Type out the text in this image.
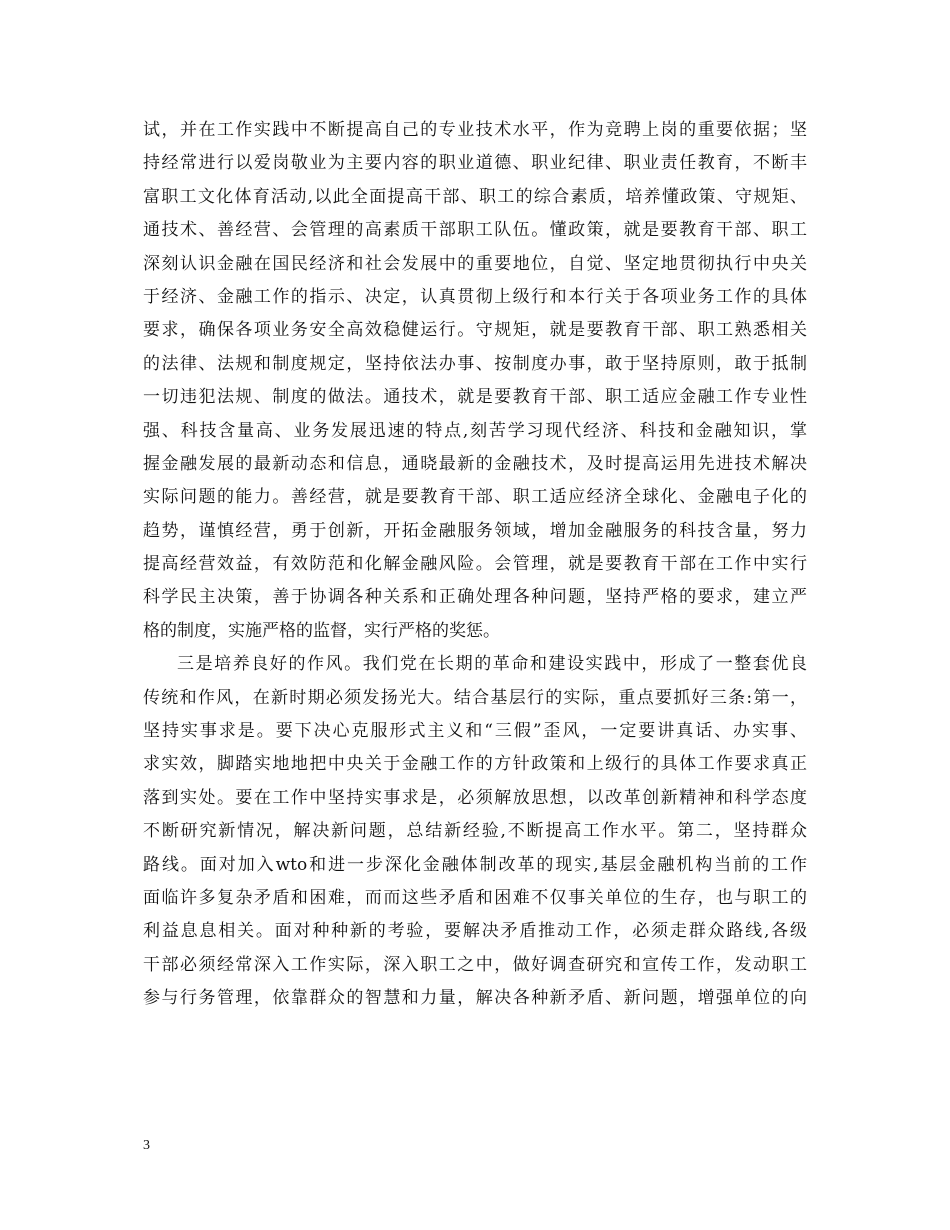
试，并在工作实践中不断提高自己的专业技术水平，作为竞聘上岗的重要依据；坚
持经常进行以爱岗敬业为主要内容的职业道德、职业纪律、职业责任教育，不断丰
富职工文化体育活动,以此全面提高干部、职工的综合素质，培养懂政策、守规矩、
通技术、善经营、会管理的高素质干部职工队伍。懂政策，就是要教育干部、职工
深刻认识金融在国民经济和社会发展中的重要地位，自觉、坚定地贯彻执行中央关
于经济、金融工作的指示、决定，认真贯彻上级行和本行关于各项业务工作的具体
要求，确保各项业务安全高效稳健运行。守规矩，就是要教育干部、职工熟悉相关
的法律、法规和制度规定，坚持依法办事、按制度办事，敢于坚持原则，敢于抵制
一切违犯法规、制度的做法。通技术，就是要教育干部、职工适应金融工作专业性
强、科技含量高、业务发展迅速的特点,刻苦学习现代经济、科技和金融知识，掌
握金融发展的最新动态和信息，通晓最新的金融技术，及时提高运用先进技术解决
实际问题的能力。善经营，就是要教育干部、职工适应经济全球化、金融电子化的
趋势，谨慎经营，勇于创新，开拓金融服务领域，增加金融服务的科技含量，努力
提高经营效益，有效防范和化解金融风险。会管理，就是要教育干部在工作中实行
科学民主决策，善于协调各种关系和正确处理各种问题，坚持严格的要求，建立严
格的制度，实施严格的监督，实行严格的奖惩。
三是培养良好的作风。我们党在长期的革命和建设实践中，形成了一整套优良
传统和作风，在新时期必须发扬光大。结合基层行的实际，重点要抓好三条:第一，
坚持实事求是。要下决心克服形式主义和“三假”歪风，一定要讲真话、办实事、
求实效，脚踏实地地把中央关于金融工作的方针政策和上级行的具体工作要求真正
落到实处。要在工作中坚持实事求是，必须解放思想，以改革创新精神和科学态度
不断研究新情况，解决新问题，总结新经验,不断提高工作水平。第二，坚持群众
路线。面对加入wto和进一步深化金融体制改革的现实,基层金融机构当前的工作
面临许多复杂矛盾和困难，而而这些矛盾和困难不仅事关单位的生存，也与职工的
利益息息相关。面对种种新的考验，要解决矛盾推动工作，必须走群众路线,各级
干部必须经常深入工作实际，深入职工之中，做好调查研究和宣传工作，发动职工
参与行务管理，依靠群众的智慧和力量，解决各种新矛盾、新问题，增强单位的向
3
